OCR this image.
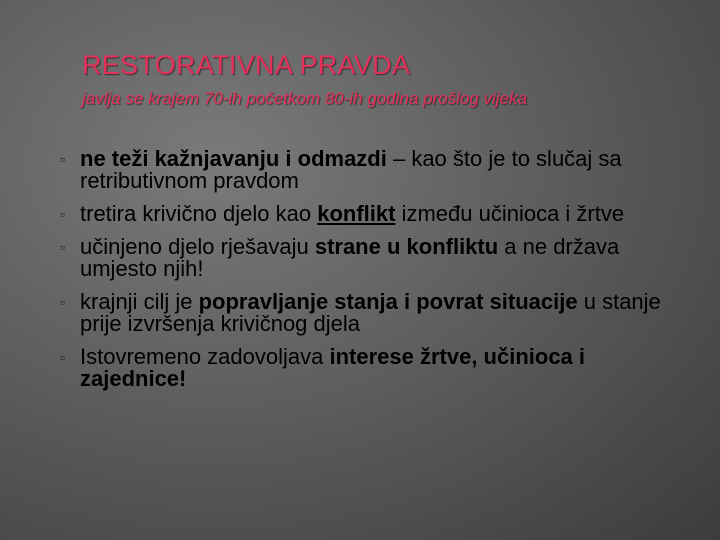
RESTORATIVNA PRAVDA
javlja se krajem 70-ih početkom 80-ih godina prošlog vijeka
▫ ne teži kažnjavanju i odmazdi – kao što je to slučaj sa retributivnom pravdom
▫ tretira krivično djelo kao konflikt između učinioca i žrtve
▫ učinjeno djelo rješavaju strane u konfliktu a ne država umjesto njih!
▫ krajnji cilj je popravljanje stanja i povrat situacije u stanje prije izvršenja krivičnog djela
▫ Istovremeno zadovoljava interese žrtve, učinioca i zajednice!
